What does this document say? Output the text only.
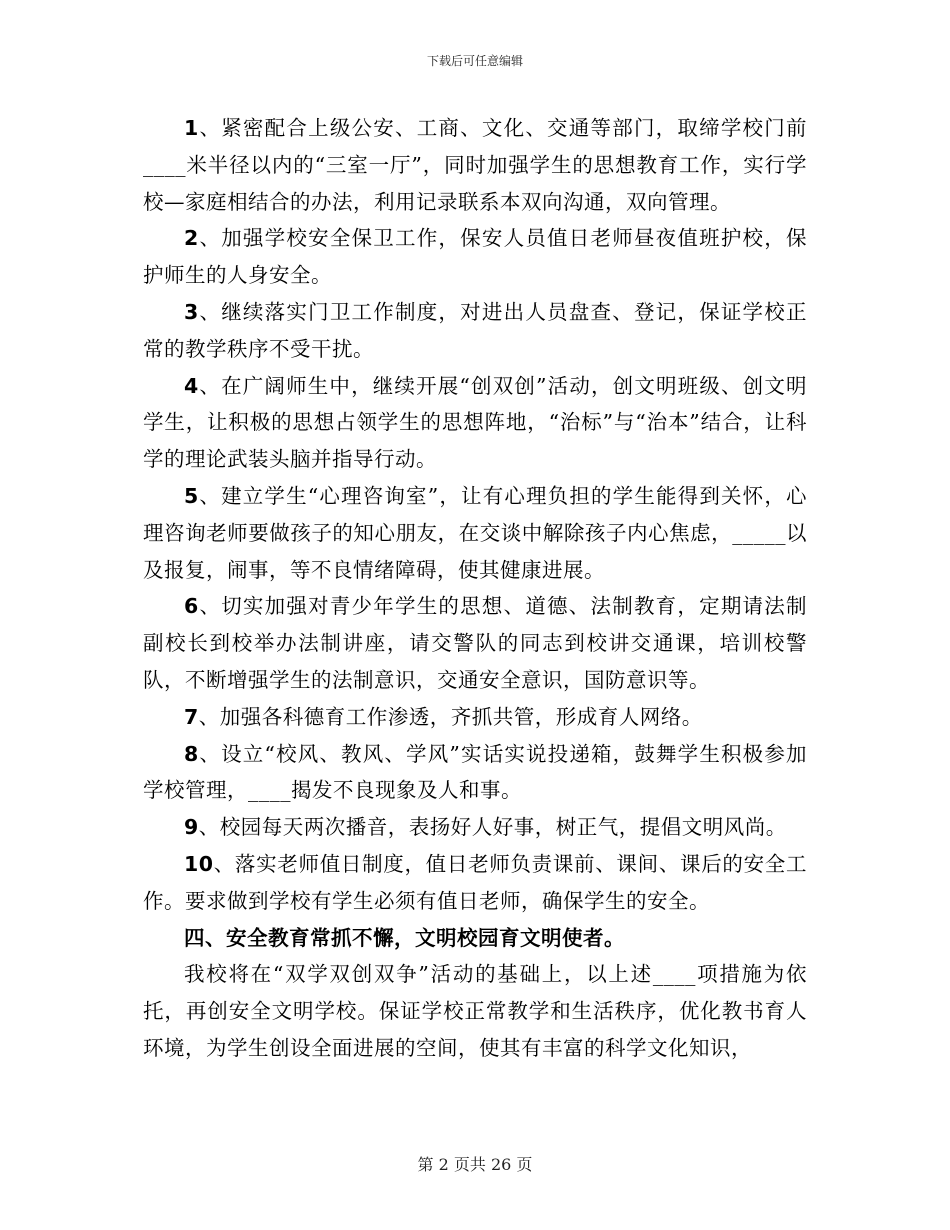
下载后可任意编辑

1、紧密配合上级公安、工商、文化、交通等部门，取缔学校门前____米半径以内的“三室一厅”，同时加强学生的思想教育工作，实行学校—家庭相结合的办法，利用记录联系本双向沟通，双向管理。

2、加强学校安全保卫工作，保安人员值日老师昼夜值班护校，保护师生的人身安全。

3、继续落实门卫工作制度，对进出人员盘查、登记，保证学校正常的教学秩序不受干扰。

4、在广阔师生中，继续开展“创双创”活动，创文明班级、创文明学生，让积极的思想占领学生的思想阵地，“治标”与“治本”结合，让科学的理论武装头脑并指导行动。

5、建立学生“心理咨询室”，让有心理负担的学生能得到关怀，心理咨询老师要做孩子的知心朋友，在交谈中解除孩子内心焦虑，_____以及报复，闹事，等不良情绪障碍，使其健康进展。

6、切实加强对青少年学生的思想、道德、法制教育，定期请法制副校长到校举办法制讲座，请交警队的同志到校讲交通课，培训校警队，不断增强学生的法制意识，交通安全意识，国防意识等。

7、加强各科德育工作渗透，齐抓共管，形成育人网络。

8、设立“校风、教风、学风”实话实说投递箱，鼓舞学生积极参加学校管理，____揭发不良现象及人和事。

9、校园每天两次播音，表扬好人好事，树正气，提倡文明风尚。

10、落实老师值日制度，值日老师负责课前、课间、课后的安全工作。要求做到学校有学生必须有值日老师，确保学生的安全。

四、安全教育常抓不懈，文明校园育文明使者。

我校将在“双学双创双争”活动的基础上，以上述____项措施为依托，再创安全文明学校。保证学校正常教学和生活秩序，优化教书育人环境，为学生创设全面进展的空间，使其有丰富的科学文化知识，

第 2 页共 26 页
